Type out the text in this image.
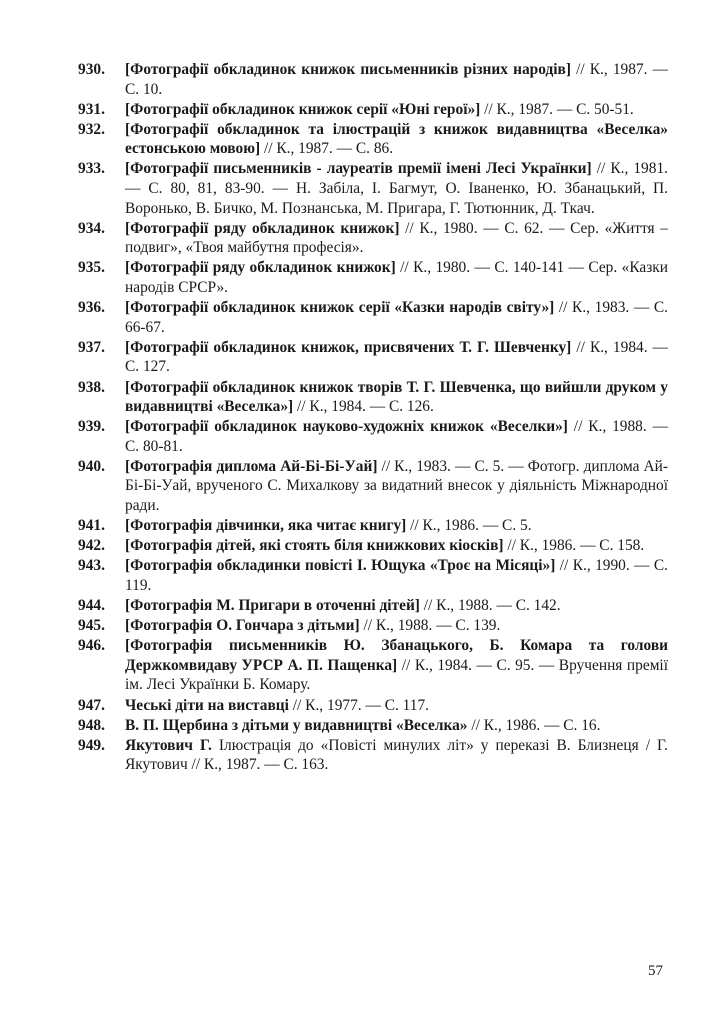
930.	[Фотографії обкладинок книжок письменників різних народів] // К., 1987. — С. 10.
931.	[Фотографії обкладинок книжок серії «Юні герої»] // К., 1987. — С. 50-51.
932.	[Фотографії обкладинок та ілюстрацій з книжок видавництва «Веселка» естонською мовою] // К., 1987. — С. 86.
933.	[Фотографії письменників - лауреатів премії імені Лесі Українки] // К., 1981. — С. 80, 81, 83-90. — Н. Забіла, І. Багмут, О. Іваненко, Ю. Збанацький, П. Воронько, В. Бичко, М. Познанська, М. Пригара, Г. Тютюнник, Д. Ткач.
934.	[Фотографії ряду обкладинок книжок] // К., 1980. — С. 62. — Сер. «Життя – подвиг», «Твоя майбутня професія».
935.	[Фотографії ряду обкладинок книжок] // К., 1980. — С. 140-141 — Сер. «Казки народів СРСР».
936.	[Фотографії обкладинок книжок серії «Казки народів світу»] // К., 1983. — С. 66-67.
937.	[Фотографії обкладинок книжок, присвячених Т. Г. Шевченку] // К., 1984. — С. 127.
938.	[Фотографії обкладинок книжок творів Т. Г. Шевченка, що вийшли друком у видавництві «Веселка»] // К., 1984. — С. 126.
939.	[Фотографії обкладинок науково-художніх книжок «Веселки»] // К., 1988. — С. 80-81.
940.	[Фотографія диплома Ай-Бі-Бі-Уай] // К., 1983. — С. 5. — Фотогр. диплома Ай-Бі-Бі-Уай, врученого С. Михалкову за видатний внесок у діяльність Міжнародної ради.
941.	[Фотографія дівчинки, яка читає книгу] // К., 1986. — С. 5.
942.	[Фотографія дітей, які стоять біля книжкових кіосків] // К., 1986. — С. 158.
943.	[Фотографія обкладинки повісті І. Ющука «Троє на Місяці»] // К., 1990. — С. 119.
944.	[Фотографія М. Пригари в оточенні дітей] // К., 1988. — С. 142.
945.	[Фотографія О. Гончара з дітьми] // К., 1988. — С. 139.
946.	[Фотографія письменників Ю. Збанацького, Б. Комара та голови Держкомвидаву УРСР А. П. Пащенка] // К., 1984. — С. 95. — Вручення премії ім. Лесі Українки Б. Комару.
947.	Чеські діти на виставці // К., 1977. — С. 117.
948.	В. П. Щербина з дітьми у видавництві «Веселка» // К., 1986. — С. 16.
949.	Якутович Г. Ілюстрація до «Повісті минулих літ» у переказі В. Близнеця / Г. Якутович // К., 1987. — С. 163.
57
